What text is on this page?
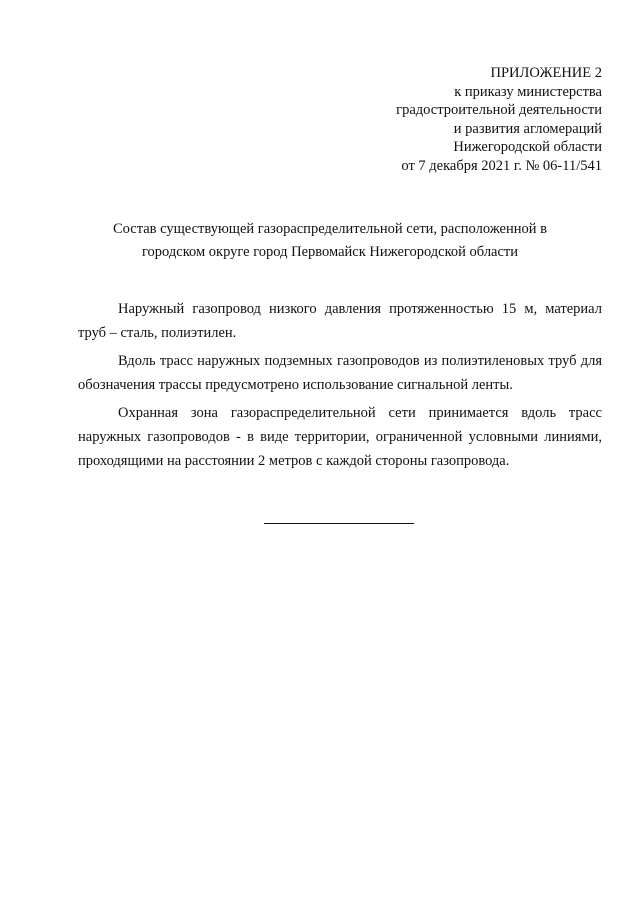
ПРИЛОЖЕНИЕ 2
к приказу министерства
градостроительной деятельности
и развития агломераций
Нижегородской области
от 7 декабря 2021 г. № 06-11/541
Состав существующей газораспределительной сети, расположенной в
городском округе город Первомайск Нижегородской области

Наружный газопровод низкого давления протяженностью 15 м, материал труб – сталь, полиэтилен.

Вдоль трасс наружных подземных газопроводов из полиэтиленовых труб для обозначения трассы предусмотрено использование сигнальной ленты.

Охранная зона газораспределительной сети принимается вдоль трасс наружных газопроводов - в виде территории, ограниченной условными линиями, проходящими на расстоянии 2 метров с каждой стороны газопровода.
